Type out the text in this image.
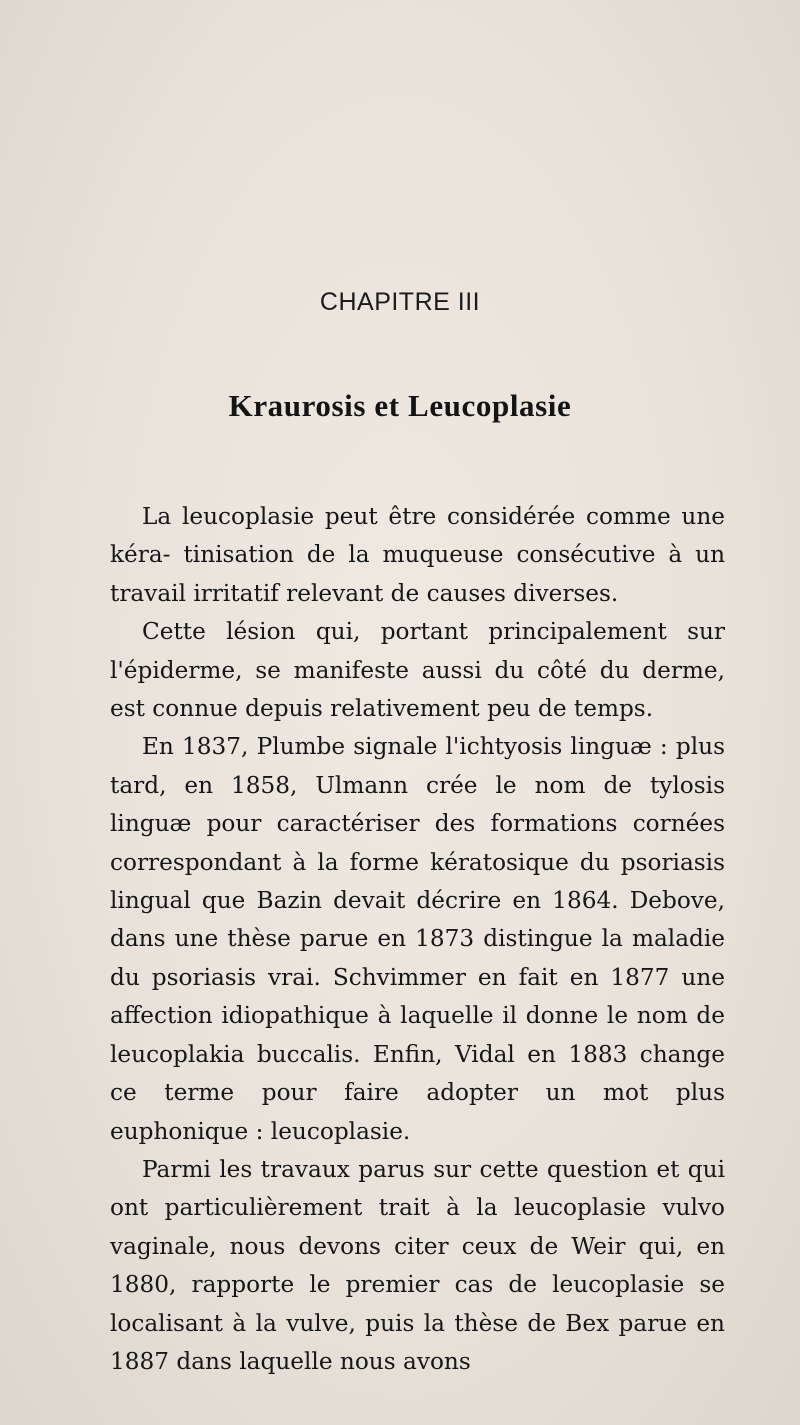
CHAPITRE III
Kraurosis et Leucoplasie

La leucoplasie peut être considérée comme une kéra- tinisation de la muqueuse consécutive à un travail irritatif relevant de causes diverses.

Cette lésion qui, portant principalement sur l'épiderme, se manifeste aussi du côté du derme, est connue depuis relativement peu de temps.

En 1837, Plumbe signale l'ichtyosis linguæ : plus tard, en 1858, Ulmann crée le nom de tylosis linguæ pour caractériser des formations cornées correspondant à la forme kératosique du psoriasis lingual que Bazin devait décrire en 1864. Debove, dans une thèse parue en 1873 distingue la maladie du psoriasis vrai. Schvimmer en fait en 1877 une affection idiopathique à laquelle il donne le nom de leucoplakia buccalis. Enfin, Vidal en 1883 change ce terme pour faire adopter un mot plus euphonique : leucoplasie.

Parmi les travaux parus sur cette question et qui ont particulièrement trait à la leucoplasie vulvo vaginale, nous devons citer ceux de Weir qui, en 1880, rapporte le premier cas de leucoplasie se localisant à la vulve, puis la thèse de Bex parue en 1887 dans laquelle nous avons
